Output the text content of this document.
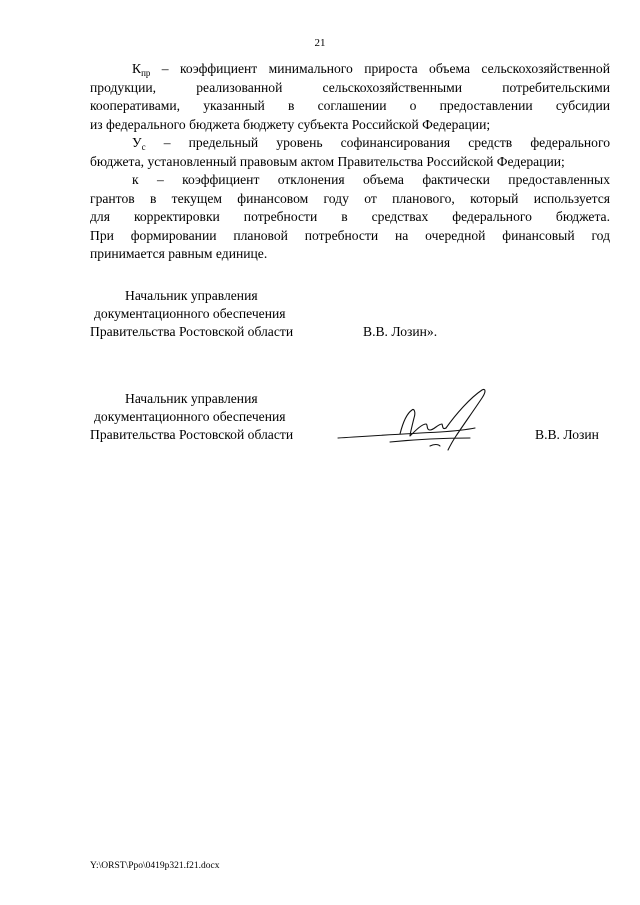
21

$К_{пр}$ – коэффициент минимального прироста объема сельскохозяйственной
продукции, реализованной сельскохозяйственными потребительскими
кооперативами, указанный в соглашении о предоставлении субсидии
из федерального бюджета бюджету субъекта Российской Федерации;

$У_с$ – предельный уровень софинансирования средств федерального
бюджета, установленный правовым актом Правительства Российской Федерации;

к – коэффициент отклонения объема фактически предоставленных
грантов в текущем финансовом году от планового, который используется
для корректировки потребности в средствах федерального бюджета.
При формировании плановой потребности на очередной финансовый год
принимается равным единице.

Начальник управления
документационного обеспечения
Правительства Ростовской области	В.В. Лозин».
Начальник управления
документационного обеспечения
Правительства Ростовской области	В.В. Лозин
Y:\ORST\Ppo\0419p321.f21.docx
